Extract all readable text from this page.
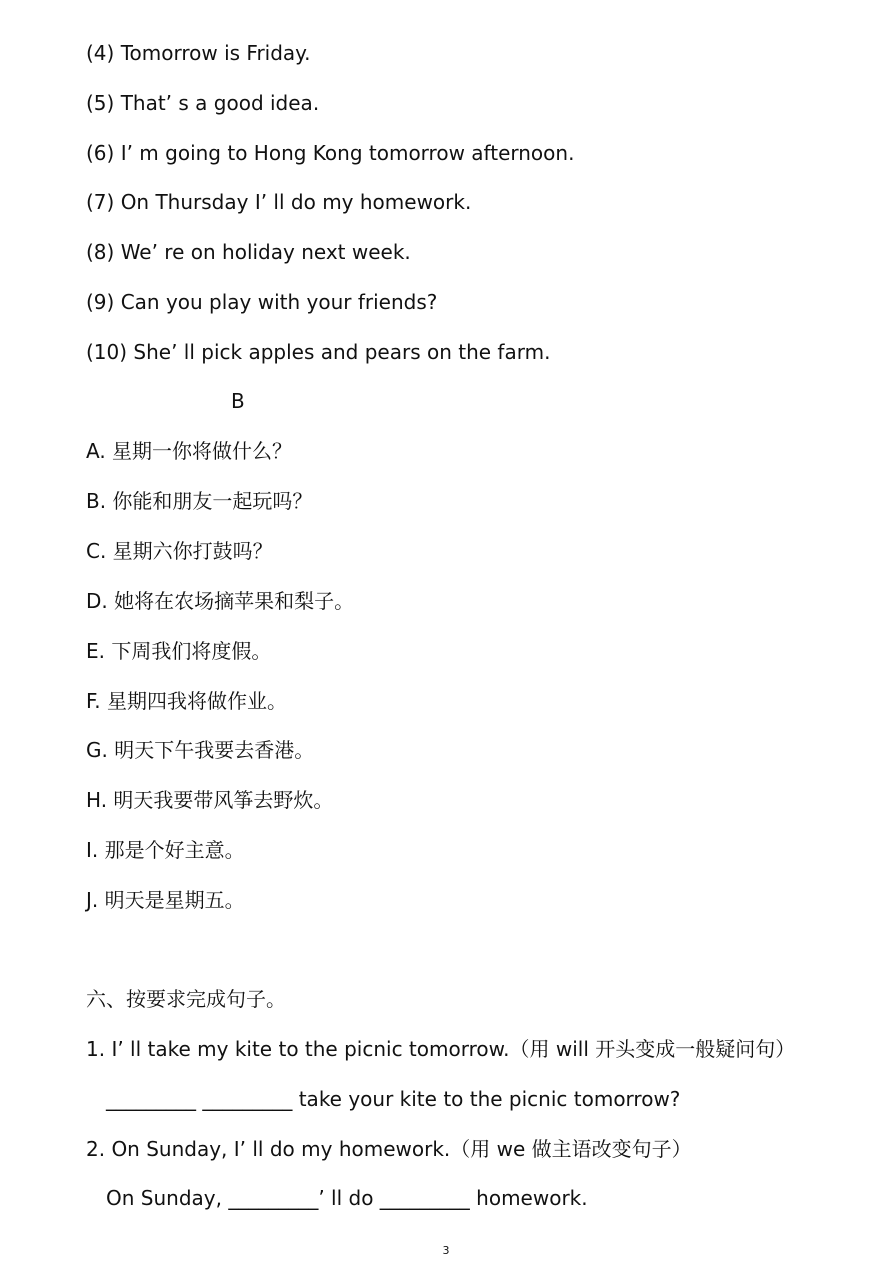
(4) Tomorrow is Friday.
(5) That’ s a good idea.
(6) I’ m going to Hong Kong tomorrow afternoon.
(7) On Thursday I’ ll do my homework.
(8) We’ re on holiday next week.
(9) Can you play with your friends?
(10) She’ ll pick apples and pears on the farm.
B
A. 星期一你将做什么？
B. 你能和朋友一起玩吗？
C. 星期六你打鼓吗？
D. 她将在农场摘苹果和梨子。
E. 下周我们将度假。
F. 星期四我将做作业。
G. 明天下午我要去香港。
H. 明天我要带风筝去野炊。
I. 那是个好主意。
J. 明天是星期五。
六、按要求完成句子。
1. I’ ll take my kite to the picnic tomorrow.（用 will 开头变成一般疑问句）
_________ _________ take your kite to the picnic tomorrow?
2. On Sunday, I’ ll do my homework.（用 we 做主语改变句子）
On Sunday, _________’ ll do _________ homework.
3
